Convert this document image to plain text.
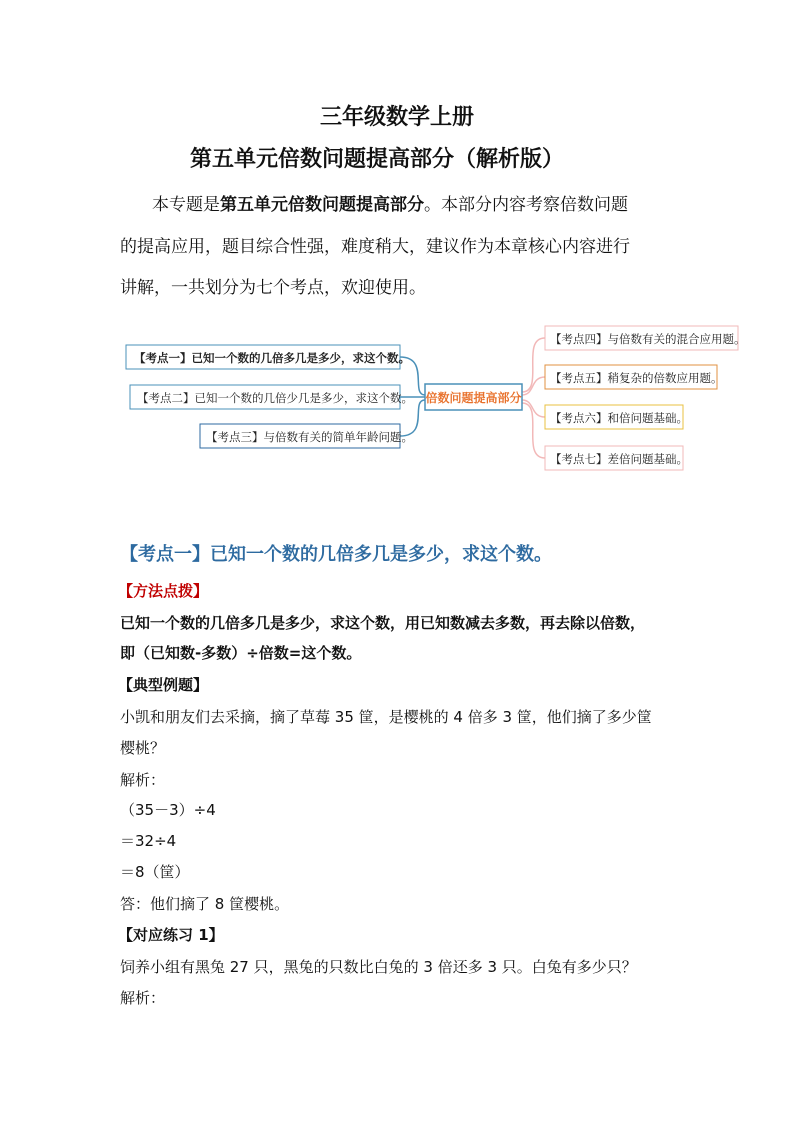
三年级数学上册
第五单元倍数问题提高部分（解析版）
本专题是第五单元倍数问题提高部分。本部分内容考察倍数问题
的提高应用，题目综合性强，难度稍大，建议作为本章核心内容进行
讲解，一共划分为七个考点，欢迎使用。
【考点一】已知一个数的几倍多几是多少，求这个数。
【考点二】已知一个数的几倍少几是多少，求这个数。
【考点三】与倍数有关的简单年龄问题。
倍数问题提高部分
【考点四】与倍数有关的混合应用题。
【考点五】稍复杂的倍数应用题。
【考点六】和倍问题基础。
【考点七】差倍问题基础。
【考点一】已知一个数的几倍多几是多少，求这个数。
【方法点拨】
已知一个数的几倍多几是多少，求这个数，用已知数减去多数，再去除以倍数，
即（已知数-多数）÷倍数=这个数。
【典型例题】
小凯和朋友们去采摘，摘了草莓 35 筐，是樱桃的 4 倍多 3 筐，他们摘了多少筐
樱桃？
解析：
（35－3）÷4
＝32÷4
＝8（筐）
答：他们摘了 8 筐樱桃。
【对应练习 1】
饲养小组有黑兔 27 只，黑兔的只数比白兔的 3 倍还多 3 只。白兔有多少只？
解析：
